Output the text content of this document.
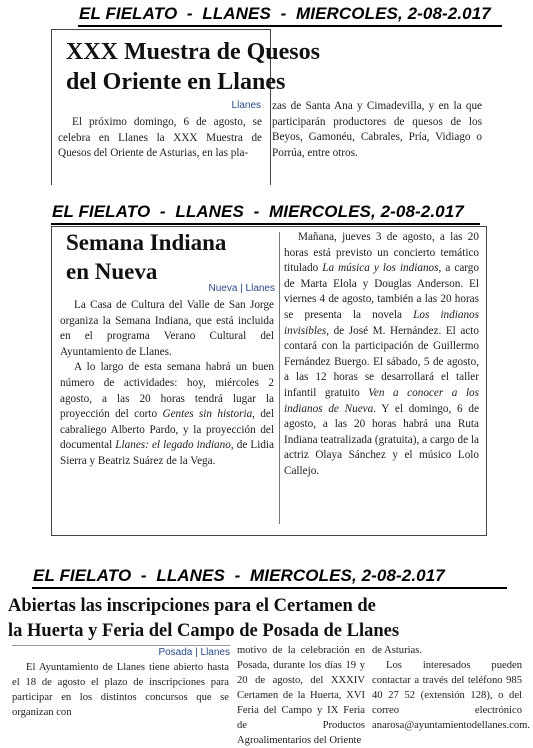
EL FIELATO  -  LLANES  -  MIERCOLES, 2-08-2.017
XXX Muestra de Quesos
del Oriente en Llanes
Llanes

El próximo domingo, 6 de agosto, se celebra en Llanes la XXX Muestra de Quesos del Oriente de Asturias, en las pla-

zas de Santa Ana y Cimadevilla, y en la que participarán productores de quesos de los Beyos, Gamonéu, Cabrales, Pría, Vidiago o Porrúa, entre otros.

EL FIELATO  -  LLANES  -  MIERCOLES, 2-08-2.017
Semana Indiana
en Nueva
Nueva | Llanes

La Casa de Cultura del Valle de San Jorge organiza la Semana Indiana, que está incluida en el programa Verano Cultural del Ayuntamiento de Llanes.

A lo largo de esta semana habrá un buen número de actividades: hoy, miércoles 2 agosto, a las 20 horas tendrá lugar la proyección del corto Gentes sin historia, del cabraliego Alberto Pardo, y la proyección del documental Llanes: el legado indiano, de Lidia Sierra y Beatriz Suárez de la Vega.

Mañana, jueves 3 de agosto, a las 20 horas está previsto un concierto temático titulado La música y los indianos, a cargo de Marta Elola y Douglas Anderson. El viernes 4 de agosto, también a las 20 horas se presenta la novela Los indianos invisibles, de José M. Hernández. El acto contará con la participación de Guillermo Fernández Buergo. El sábado, 5 de agosto, a las 12 horas se desarrollará el taller infantil gratuito Ven a conocer a los indianos de Nueva. Y el domingo, 6 de agosto, a las 20 horas habrá una Ruta Indiana teatralizada (gratuita), a cargo de la actriz Olaya Sánchez y el músico Lolo Callejo.

EL FIELATO  -  LLANES  -  MIERCOLES, 2-08-2.017
Abiertas las inscripciones para el Certamen de
la Huerta y Feria del Campo de Posada de Llanes
Posada | Llanes

El Ayuntamiento de Llanes tiene abierto hasta el 18 de agosto el plazo de inscripciones para participar en los distintos concursos que se organizan con

motivo de la celebración en Posada, durante los días 19 y 20 de agosto, del XXXIV Certamen de la Huerta, XVI Feria del Campo y IX Feria de Productos Agroalimentarios del Oriente

de Asturias.

Los interesados pueden contactar a través del teléfono 985 40 27 52 (extensión 128), o del correo electrónico anarosa@ayuntamientodellanes.com.
